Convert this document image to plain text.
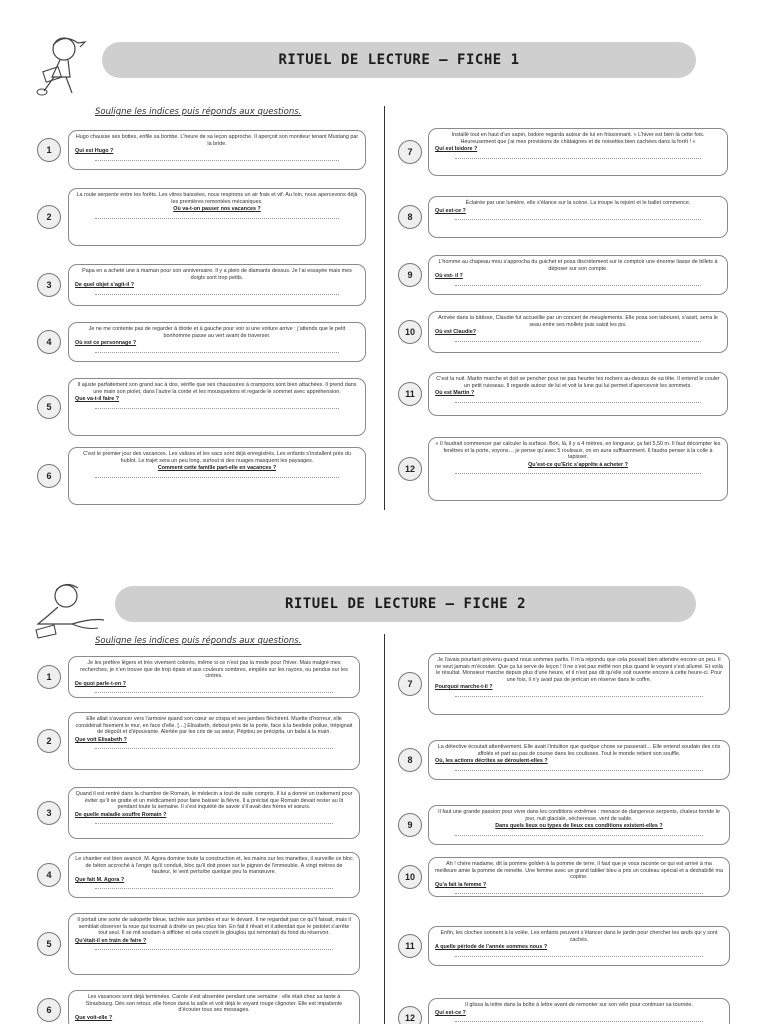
RITUEL DE LECTURE – FICHE 1
Souligne les indices puis réponds aux questions.
1
Hugo chausse ses bottes, enfile sa bombe. L’heure de sa leçon approche. Il aperçoit son moniteur tenant Mustang par la bride.
Qui est Hugo ?
2
La route serpente entre les forêts. Les vitres baissées, nous respirons un air frais et vif. Au loin, nous apercevons déjà les premières remontées mécaniques.
Où va-t-on passer nos vacances ?
3
Papa en a acheté une à maman pour son anniversaire. Il y a plein de diamants dessus. Je l’ai essayée mais mes doigts sont trop petits.
De quel objet s’agit-il ?
4
Je ne me contente pas de regarder à droite et à gauche pour voir si une voiture arrive : j’attends que le petit bonhomme passe au vert avant de traverser.
Où est ce personnage ?
5
Il ajuste parfaitement son grand sac à dos, vérifie que ses chaussures à crampons sont bien attachées. Il prend dans une main son piolet, dans l’autre la corde et les mousquetons et regarde le sommet avec appréhension.
Que va-t-il faire ?
6
C’est le premier jour des vacances. Les valises et les sacs sont déjà enregistrés. Les enfants s’installent près du hublot. Le trajet sera un peu long, surtout si des nuages masquent les paysages.
Comment cette famille part-elle en vacances ?
7
Installé tout en haut d’un sapin, Isidore regarda autour de lui en frissonnant. « L’hiver est bien là cette fois. Heureusement que j’ai mes provisions de châtaignes et de noisettes bien cachées dans la forêt ! »
Qui est Isidore ?
8
Éclairée par une lumière, elle s’élance sur la scène. La troupe la rejoint et le ballet commence.
Qui est-ce ?
9
L’homme au chapeau mou s’approcha du guichet et posa discrètement sur le comptoir une énorme liasse de billets à déposer sur son compte.
Où est- il ?
10
Arrivée dans la bâtisse, Claudie fut accueillie par un concert de meuglements. Elle posa son tabouret, s’assit, serra le seau entre ses mollets puis saisit les pis.
Où est Claudie?
11
C’est la nuit. Martin marche et doit se pencher pour ne pas heurter les rochers au-dessus de sa tête. Il entend le couler un petit ruisseau. Il regarde autour de lui et voit la lune qui lui permet d’apercevoir les sommets.
Où est Martin ?
12
« Il faudrait commencer par calculer la surface. Bon, là, il y a 4 mètres, en longueur, ça fait 5,50 m. Il faut décompter les fenêtres et la porte, voyons… je pense qu’avec 5 rouleaux, on en aura suffisamment. Il faudra penser à la colle à tapisser.
Qu’est-ce qu’Eric s’apprête à acheter ?
RITUEL DE LECTURE – FICHE 2
Souligne les indices puis réponds aux questions.
1
Je les préfère légers et très vivement colorés, même si ce n’est pas la mode pour l’hiver. Mais malgré mes recherches, je n’en trouve que de trop épais et aux couleurs sombres, empilés sur les rayons, ou pendus sur les cintres.
De quoi parle-t-on ?
2
Elle allait s’avancer vers l’armoire quand son cœur se crispa et ses jambes fléchirent. Muette d’horreur, elle considérait fixement le mur, en face d’elle. […] Elisabeth, debout près de la porte, face à la bestiole poilue, trépignait de dégoût et d’épouvante. Alertée par les cris de sa sœur, Pépitou se précipita, un balai à la main.
Que voit Elisabeth ?
3
Quand il est rentré dans la chambre de Romain, le médecin a tout de suite compris. Il lui a donné un traitement pour éviter qu’il se gratte et un médicament pour faire baisser la fièvre. Il a précisé que Romain devait rester au lit pendant toute la semaine. Il s’est inquiété de savoir s’il avait des frères et sœurs.
De quelle maladie souffre Romain ?
4
Le chantier est bien avancé. M. Agora domine toute la construction et, les mains sur les manettes, il surveille ce bloc de béton accroché à l’engin qu’il conduit, bloc qu’il doit poser sur le pignon de l’immeuble. À vingt mètres de hauteur, le vent perturbe quelque peu la manœuvre.
Que fait M. Agora ?
5
Il portait une sorte de salopette bleue, tachée aux jambes et sur le devant. Il ne regardait pas ce qu’il faisait, mais il semblait observer la roue qui tournait à droite un peu plus loin. En fait il rêvait et il attendait que le pistolet s’arrête tout seul. Il se mit soudain à siffloter et cela couvrit le glouglou qui remontait du fond du réservoir.
Qu’était-il en train de faire ?
6
Les vacances sont déjà terminées. Carole s’est absentée pendant une semaine : elle était chez sa tante à Strasbourg. Dès son retour, elle fonce dans la salle et voit déjà le voyant rouge clignoter. Elle est impatiente d’écouter tous ses messages.
Que voit-elle ?
7
Je l’avais pourtant prévenu quand nous sommes partis. Il m’a répondu que cela pouvait bien attendre encore un peu. Il ne veut jamais m’écouter. Que ça lui serve de leçon ! Il ne s’est pas méfié non plus quand le voyant s’est allumé. Et voilà le résultat. Monsieur marche depuis plus d’une heure, et il n’est pas dit qu’elle soit ouverte encore à cette heure-ci. Pour une fois, il n’y avait pas de jerrican en réserve dans le coffre.
Pourquoi marche-t-il ?
8
La détective écoutait attentivement. Elle avait l’intuition que quelque chose se passerait… Elle entend soudain des cris affolés et part au pas de course dans les coulisses. Tout le monde retient son souffle.
Où, les actions décrites se déroulent-elles ?
9
Il faut une grande passion pour vivre dans les conditions extrêmes : menace de dangereux serpents, chaleur torride le jour, nuit glaciale, sécheresse, vent de sable.
Dans quels lieux ou types de lieux ces conditions existent-elles ?
10
Ah ! chère madame, dit la pomme golden à la pomme de terre, il faut que je vous raconte ce qui est arrivé à ma meilleure amie la pomme de reinette. Une femme avec un grand tablier bleu a pris un couteau spécial et a déshabillé ma copine.
Qu’a fait la femme ?
11
Enfin, les cloches sonnent à la volée. Les enfants peuvent s’élancer dans le jardin pour chercher les œufs qui y sont cachés.
A quelle période de l’année sommes nous ?
12
Il glissa la lettre dans la boîte à lettre avant de remonter sur son vélo pour continuer sa tournée.
Qui est-ce ?
